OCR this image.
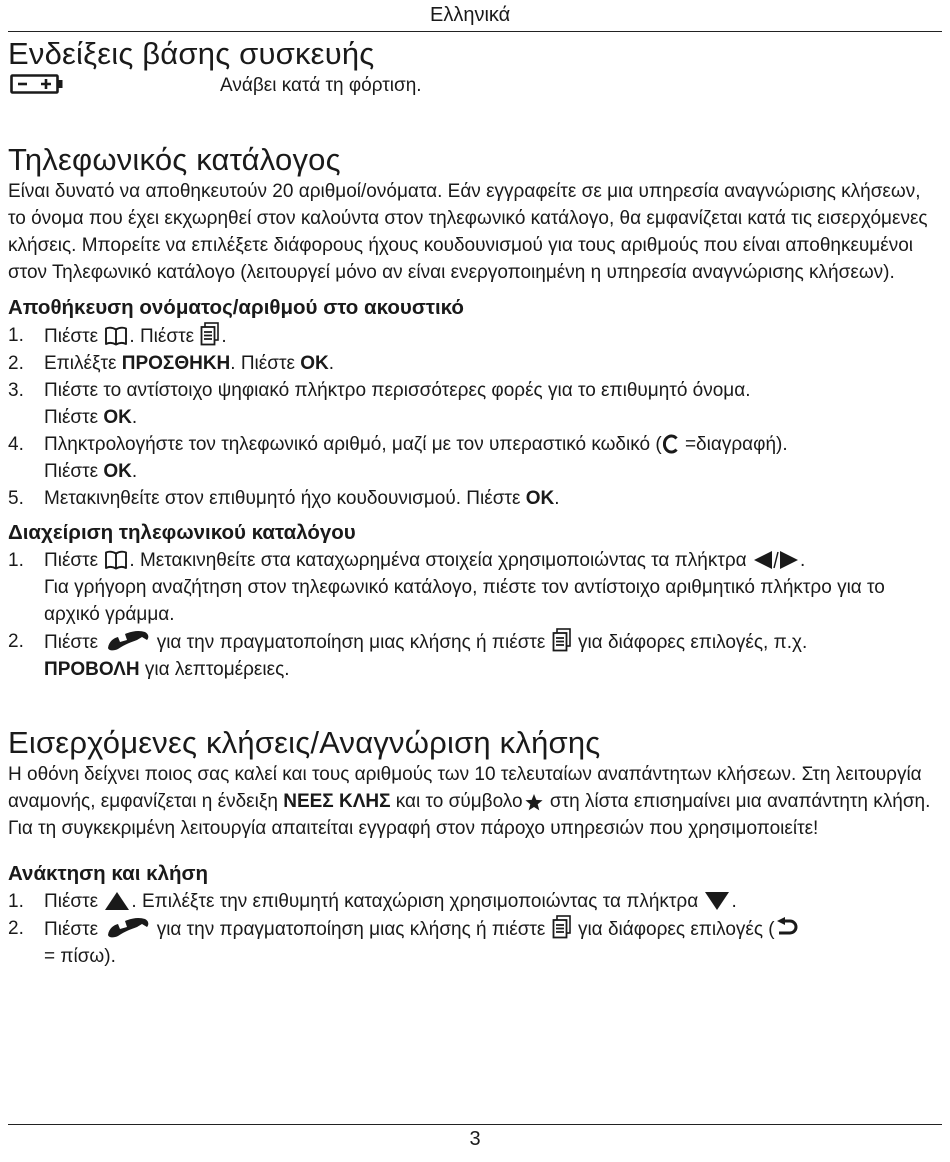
Ελληνικά
Ενδείξεις βάσης συσκευής
Ανάβει κατά τη φόρτιση.
Τηλεφωνικός κατάλογος

Είναι δυνατό να αποθηκευτούν 20 αριθμοί/ονόματα. Εάν εγγραφείτε σε μια υπηρεσία αναγνώρισης κλήσεων, το όνομα που έχει εκχωρηθεί στον καλούντα στον τηλεφωνικό κατάλογο, θα εμφανίζεται κατά τις εισερχόμενες κλήσεις. Μπορείτε να επιλέξετε διάφορους ήχους κουδουνισμού για τους αριθμούς που είναι αποθηκευμένοι στον Τηλεφωνικό κατάλογο (λειτουργεί μόνο αν είναι ενεργοποιημένη η υπηρεσία αναγνώρισης κλήσεων).

Αποθήκευση ονόματος/αριθμού στο ακουστικό
1.	Πιέστε . Πιέστε .
2.	Επιλέξτε ΠΡΟΣΘΗΚΗ. Πιέστε OK.
3.	Πιέστε το αντίστοιχο ψηφιακό πλήκτρο περισσότερες φορές για το επιθυμητό όνομα.
Πιέστε OK.
4.	Πληκτρολογήστε τον τηλεφωνικό αριθμό, μαζί με τον υπεραστικό κωδικό ( =διαγραφή).
Πιέστε OK.
5.	Μετακινηθείτε στον επιθυμητό ήχο κουδουνισμού. Πιέστε OK.
Διαχείριση τηλεφωνικού καταλόγου
1.	Πιέστε . Μετακινηθείτε στα καταχωρημένα στοιχεία χρησιμοποιώντας τα πλήκτρα	.
Για γρήγορη αναζήτηση στον τηλεφωνικό κατάλογο, πιέστε τον αντίστοιχο αριθμητικό πλήκτρο για το αρχικό γράμμα.
2.	Πιέστε	για την πραγματοποίηση μιας κλήσης ή πιέστε για διάφορες επιλογές, π.χ.
ΠΡΟΒΟΛΗ για λεπτομέρειες.
Εισερχόμενες κλήσεις/Αναγνώριση κλήσης

Η οθόνη δείχνει ποιος σας καλεί και τους αριθμούς των 10 τελευταίων αναπάντητων κλήσεων. Στη λειτουργία αναμονής, εμφανίζεται η ένδειξη ΝΕΕΣ ΚΛΗΣ και το σύμβολο στη λίστα επισημαίνει μια αναπάντητη κλήση. Για τη συγκεκριμένη λειτουργία απαιτείται εγγραφή στον πάροχο υπηρεσιών που χρησιμοποιείτε!

Ανάκτηση και κλήση
1.	Πιέστε . Επιλέξτε την επιθυμητή καταχώριση χρησιμοποιώντας τα πλήκτρα .
2.	Πιέστε	για την πραγματοποίηση μιας κλήσης ή πιέστε για διάφορες επιλογές (
= πίσω).
3
